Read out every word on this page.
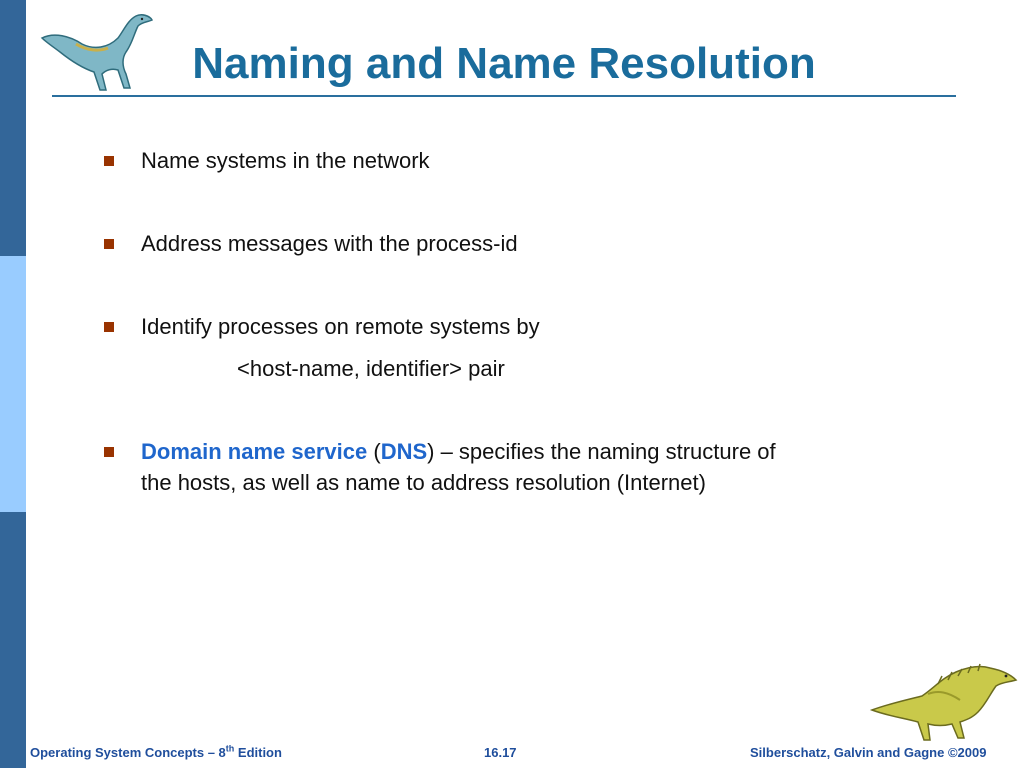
Naming and Name Resolution
Name systems in the network
Address messages with the process-id
Identify processes on remote systems by
<host-name, identifier> pair
Domain name service (DNS) – specifies the naming structure of
the hosts, as well as name to address resolution (Internet)
Operating System Concepts – 8th Edition	16.17	Silberschatz, Galvin and Gagne ©2009
